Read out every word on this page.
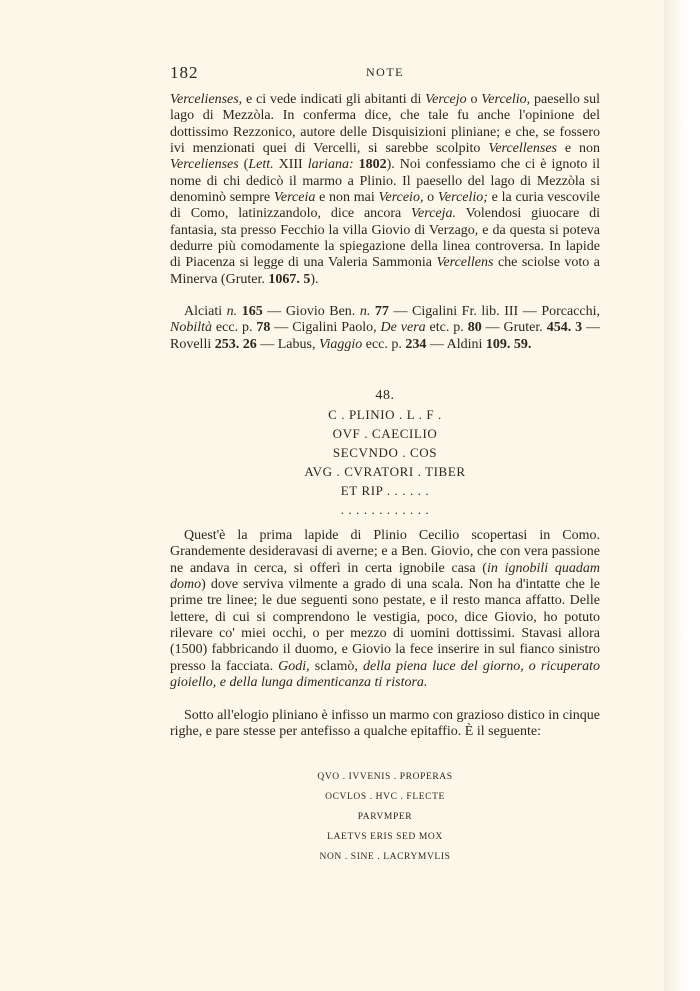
182	NOTE

Vercelienses, e ci vede indicati gli abitanti di Vercejo o Vercelio, paesello sul lago di Mezzòla. In conferma dice, che tale fu anche l'opinione del dottissimo Rezzonico, autore delle Disquisizioni pliniane; e che, se fossero ivi menzionati quei di Vercelli, si sarebbe scolpito Vercellenses e non Vercelienses (Lett. XIII lariana: 1802). Noi confessiamo che ci è ignoto il nome di chi dedicò il marmo a Plinio. Il paesello del lago di Mezzòla si denominò sempre Verceia e non mai Verceio, o Vercelio; e la curia vescovile di Como, latinizzandolo, dice ancora Verceja. Volendosi giuocare di fantasia, sta presso Fecchio la villa Giovio di Verzago, e da questa si poteva dedurre più comodamente la spiegazione della linea controversa. In lapide di Piacenza si legge di una Valeria Sammonia Vercellens che sciolse voto a Minerva (Gruter. 1067. 5).

Alciati n. 165 — Giovio Ben. n. 77 — Cigalini Fr. lib. III — Porcacchi, Nobiltà ecc. p. 78 — Cigalini Paolo, De vera etc. p. 80 — Gruter. 454. 3 — Rovelli 253. 26 — Labus, Viaggio ecc. p. 234 — Aldini 109. 59.

48.
C . PLINIO . L . F .
OVF . CAECILIO
SECVNDO . COS
AVG . CVRATORI . TIBER
ET RIP . . . . . .
. . . . . . . . . . . .

Quest'è la prima lapide di Plinio Cecilio scopertasi in Como. Grandemente desideravasi di averne; e a Ben. Giovio, che con vera passione ne andava in cerca, si offerì in certa ignobile casa (in ignobili quadam domo) dove serviva vilmente a grado di una scala. Non ha d'intatte che le prime tre linee; le due seguenti sono pestate, e il resto manca affatto. Delle lettere, di cui si comprendono le vestigia, poco, dice Giovio, ho potuto rilevare co' miei occhi, o per mezzo di uomini dottissimi. Stavasi allora (1500) fabbricando il duomo, e Giovio la fece inserire in sul fianco sinistro presso la facciata. Godi, sclamò, della piena luce del giorno, o ricuperato gioiello, e della lunga dimenticanza ti ristora.

Sotto all'elogio pliniano è infisso un marmo con grazioso distico in cinque righe, e pare stesse per antefisso a qualche epitaffio. È il seguente:

QVO . IVVENIS . PROPERAS
OCVLOS . HVC . FLECTE
PARVMPER
LAETVS ERIS SED MOX
NON . SINE . LACRYMVLIS
